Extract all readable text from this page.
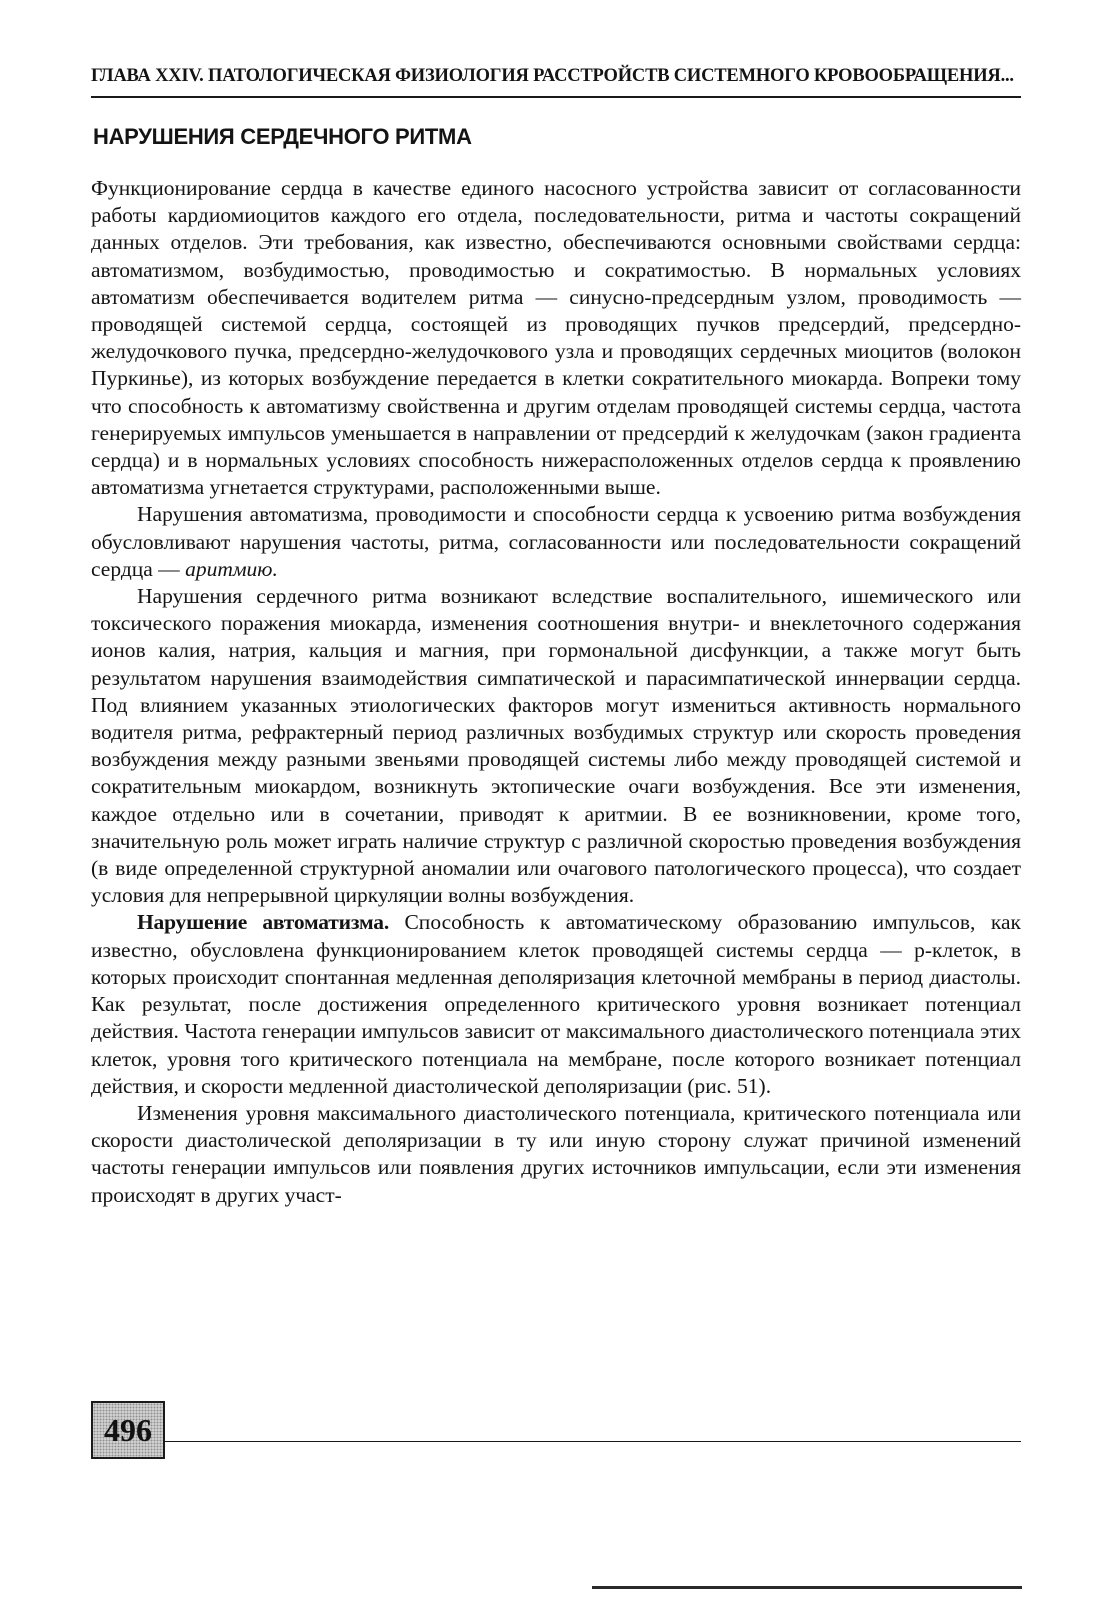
ГЛАВА XXIV. ПАТОЛОГИЧЕСКАЯ ФИЗИОЛОГИЯ РАССТРОЙСТВ СИСТЕМНОГО КРОВООБРАЩЕНИЯ...
НАРУШЕНИЯ СЕРДЕЧНОГО РИТМА

Функционирование сердца в качестве единого насосного устройства зависит от согласованности работы кардиомиоцитов каждого его отдела, последовательности, ритма и частоты сокращений данных отделов. Эти требования, как известно, обеспечиваются основными свойствами сердца: автоматизмом, возбудимостью, проводимостью и сократимостью. В нормальных условиях автоматизм обеспечивается водителем ритма — синусно-предсердным узлом, проводимость — проводящей системой сердца, состоящей из проводящих пучков предсердий, предсердно-желудочкового пучка, предсердно-желудочкового узла и проводящих сердечных миоцитов (волокон Пуркинье), из которых возбуждение передается в клетки сократительного миокарда. Вопреки тому что способность к автоматизму свойственна и другим отделам проводящей системы сердца, частота генерируемых импульсов уменьшается в направлении от предсердий к желудочкам (закон градиента сердца) и в нормальных условиях способность нижерасположенных отделов сердца к проявлению автоматизма угнетается структурами, расположенными выше.

Нарушения автоматизма, проводимости и способности сердца к усвоению ритма возбуждения обусловливают нарушения частоты, ритма, согласованности или последовательности сокращений сердца — аритмию.

Нарушения сердечного ритма возникают вследствие воспалительного, ишемического или токсического поражения миокарда, изменения соотношения внутри- и внеклеточного содержания ионов калия, натрия, кальция и магния, при гормональной дисфункции, а также могут быть результатом нарушения взаимодействия симпатической и парасимпатической иннервации сердца. Под влиянием указанных этиологических факторов могут измениться активность нормального водителя ритма, рефрактерный период различных возбудимых структур или скорость проведения возбуждения между разными звеньями проводящей системы либо между проводящей системой и сократительным миокардом, возникнуть эктопические очаги возбуждения. Все эти изменения, каждое отдельно или в сочетании, приводят к аритмии. В ее возникновении, кроме того, значительную роль может играть наличие структур с различной скоростью проведения возбуждения (в виде определенной структурной аномалии или очагового патологического процесса), что создает условия для непрерывной циркуляции волны возбуждения.

Нарушение автоматизма. Способность к автоматическому образованию импульсов, как известно, обусловлена функционированием клеток проводящей системы сердца — р-клеток, в которых происходит спонтанная медленная деполяризация клеточной мембраны в период диастолы. Как результат, после достижения определенного критического уровня возникает потенциал действия. Частота генерации импульсов зависит от максимального диастолического потенциала этих клеток, уровня того критического потенциала на мембране, после которого возникает потенциал действия, и скорости медленной диастолической деполяризации (рис. 51).

Изменения уровня максимального диастолического потенциала, критического потенциала или скорости диастолической деполяризации в ту или иную сторону служат причиной изменений частоты генерации импульсов или появления других источников импульсации, если эти изменения происходят в других участ-

496
